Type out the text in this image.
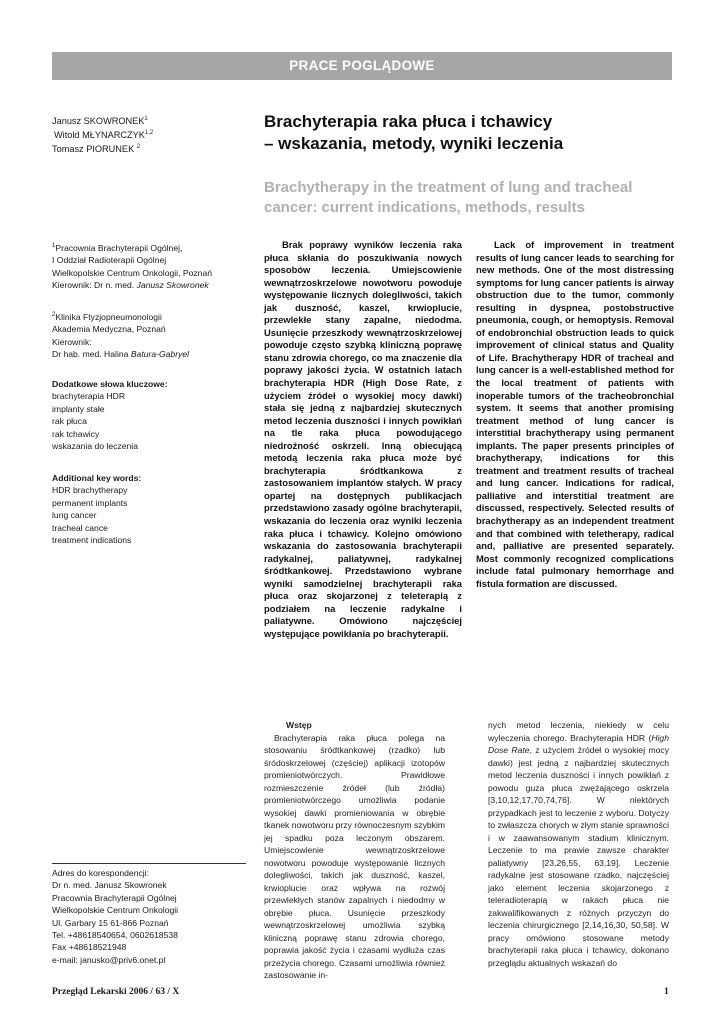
PRACE POGLĄDOWE
Janusz SKOWRONEK$^1$
Witold MŁYNARCZYK$^{1,2}$
Tomasz PIORUNEK $^2$
Brachyterapia raka płuca i tchawicy
– wskazania, metody, wyniki leczenia
Brachytherapy in the treatment of lung and tracheal
cancer: current indications, methods, results
$^1$Pracownia Brachyterapii Ogólnej,
I Oddział Radioterapii Ogólnej
Wielkopolskie Centrum Onkologii, Poznań
Kierownik: Dr n. med. Janusz Skowronek
$^2$Klinika Ftyzjopneumonologii
Akademia Medyczna, Poznań
Kierownik:
Dr hab. med. Halina Batura-Gabryel
Dodatkowe słowa kluczowe:
brachyterapia HDR
implanty stałe
rak płuca
rak tchawicy
wskazania do leczenia
Additional key words:
HDR brachytherapy
permanent implants
lung cancer
tracheal cance
treatment indications
Adres do korespondencji:
Dr n. med. Janusz Skowronek
Pracownia Brachyterapii Ogólnej
Wielkopolskie Centrum Onkologii
Ul. Garbary 15 61-866 Poznań
Tel. +48618540654, 0602618538
Fax +48618521948
e-mail: janusko@priv6.onet.pl

Brak poprawy wyników leczenia raka płuca skłania do poszukiwania nowych sposobów leczenia. Umiejscowienie wewnątrzoskrzelowe nowotworu powoduje występowanie licznych dolegliwości, takich jak duszność, kaszel, krwioplucie, przewlekłe stany zapalne, niedodma. Usunięcie przeszkody wewnątrzoskrzelowej powoduje często szybką kliniczną poprawę stanu zdrowia chorego, co ma znaczenie dla poprawy jakości życia. W ostatnich latach brachyterapia HDR (High Dose Rate, z użyciem źródeł o wysokiej mocy dawki) stała się jedną z najbardziej skutecznych metod leczenia duszności i innych powikłań na tle raka płuca powodującego niedrożność oskrzeli. Inną obiecującą metodą leczenia raka płuca może być brachyterapia śródtkankowa z zastosowaniem implantów stałych. W pracy opartej na dostępnych publikacjach przedstawiono zasady ogólne brachyterapii, wskazania do leczenia oraz wyniki leczenia raka płuca i tchawicy. Kolejno omówiono wskazania do zastosowania brachyterapii radykalnej, paliatywnej, radykalnej śródtkankowej. Przedstawiono wybrane wyniki samodzielnej brachyterapii raka płuca oraz skojarzonej z teleterapią z podziałem na leczenie radykalne i paliatywne. Omówiono najczęściej występujące powikłania po brachyterapii.

Lack of improvement in treatment results of lung cancer leads to searching for new methods. One of the most distressing symptoms for lung cancer patients is airway obstruction due to the tumor, commonly resulting in dyspnea, postobstructive pneumonia, cough, or hemoptysis. Removal of endobronchial obstruction leads to quick improvement of clinical status and Quality of Life. Brachytherapy HDR of tracheal and lung cancer is a well-established method for the local treatment of patients with inoperable tumors of the tracheobronchial system. It seems that another promising treatment method of lung cancer is interstitial brachytherapy using permanent implants. The paper presents principles of brachytherapy, indications for this treatment and treatment results of tracheal and lung cancer. Indications for radical, palliative and interstitial treatment are discussed, respectively. Selected results of brachytherapy as an independent treatment and that combined with teletherapy, radical and, palliative are presented separately. Most commonly recognized complications include fatal pulmonary hemorrhage and fistula formation are discussed.

Wstęp

Brachyterapia raka płuca polega na stosowaniu śródtkankowej (rzadko) lub śródoskrzelowej (częściej) aplikacji izotopów promieniotwórczych. Prawidłowe rozmieszczenie źródeł (lub źródła) promieniotwórczego umożliwia podanie wysokiej dawki promieniowania w obrębie tkanek nowotworu przy równoczesnym szybkim jej spadku poza leczonym obszarem. Umiejscowienie wewnątrzoskrzelowe nowotworu powoduje występowanie licznych dolegliwości, takich jak duszność, kaszel, krwioplucie oraz wpływa na rozwój przewlekłych stanów zapalnych i niedodmy w obrębie płuca. Usunięcie przeszkody wewnątrzoskrzelowej umożliwia szybką kliniczną poprawę stanu zdrowia chorego, poprawia jakość życia i czasami wydłuża czas przeżycia chorego. Czasami umożliwia również zastosowanie in-

nych metod leczenia, niekiedy w celu wyleczenia chorego. Brachyterapia HDR (High Dose Rate, z użyciem źródeł o wysokiej mocy dawki) jest jedną z najbardziej skutecznych metod leczenia duszności i innych powikłań z powodu guza płuca zwężającego oskrzela [3,10,12,17,70,74,76]. W niektórych przypadkach jest to leczenie z wyboru. Dotyczy to zwłaszcza chorych w złym stanie sprawności i w zaawansowanym stadium klinicznym. Leczenie to ma prawie zawsze charakter paliatywny [23,26,55, 63,19]. Leczenie radykalne jest stosowane rzadko, najczęściej jako element leczenia skojarzonego z teleradioterapią w rakach płuca nie zakwalifikowanych z różnych przyczyn do leczenia chirurgicznego [2,14,16,30, 50,58]. W pracy omówiono stosowane metody brachyterapii raka płuca i tchawicy, dokonano przeglądu aktualnych wskazań do

Przegląd Lekarski 2006 / 63 / X	1
